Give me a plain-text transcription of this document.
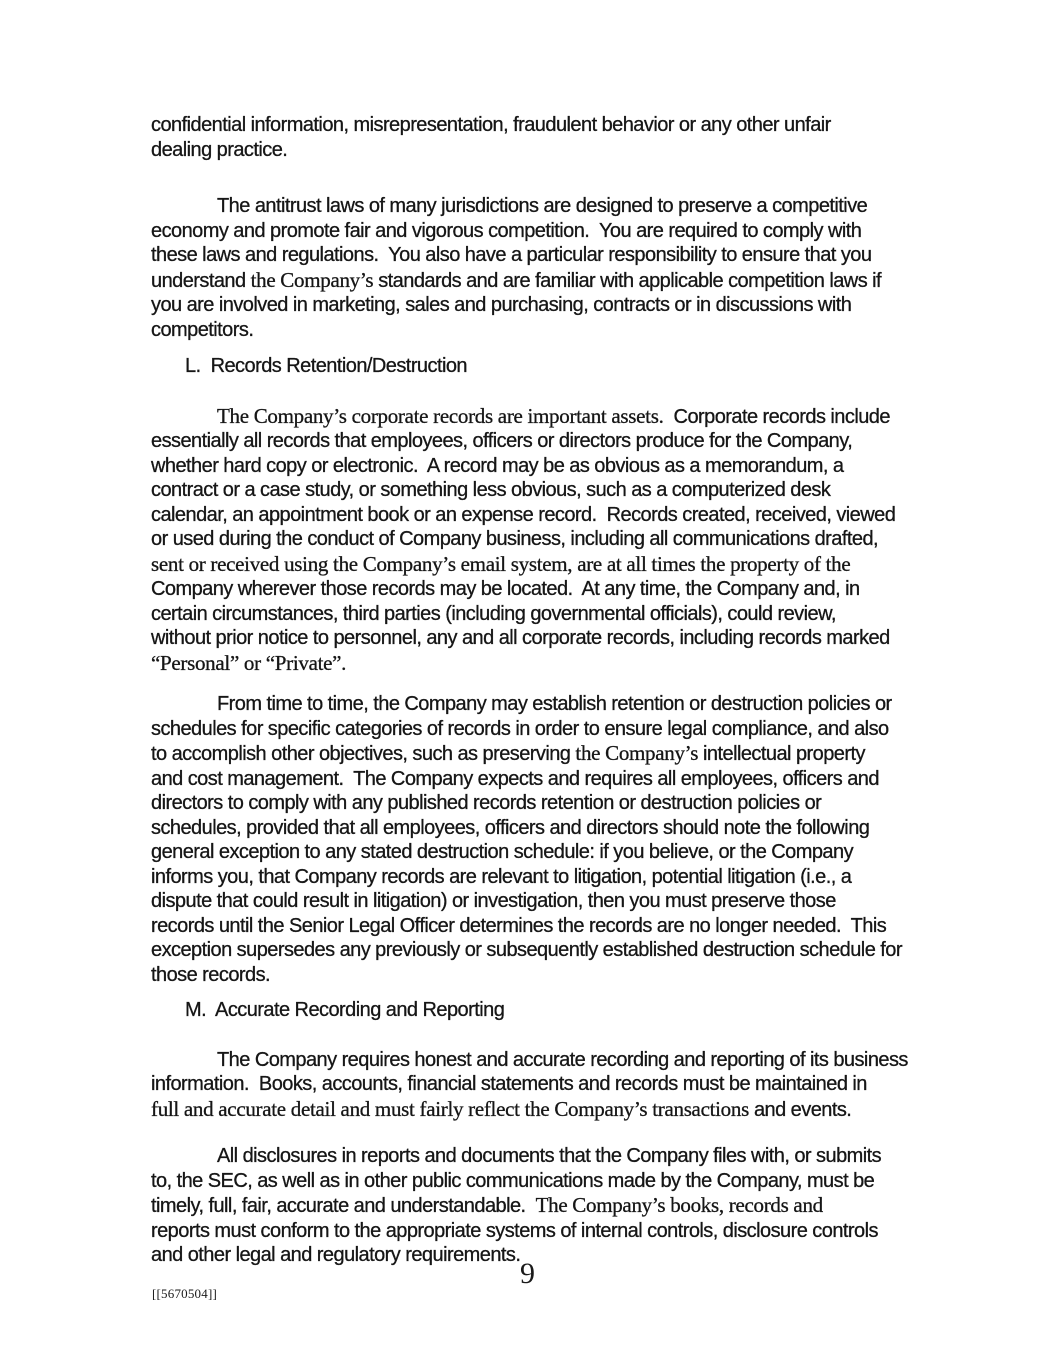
confidential information, misrepresentation, fraudulent behavior or any other unfair
dealing practice.
The antitrust laws of many jurisdictions are designed to preserve a competitive
economy and promote fair and vigorous competition.  You are required to comply with
these laws and regulations.  You also have a particular responsibility to ensure that you
understand the Company’s standards and are familiar with applicable competition laws if
you are involved in marketing, sales and purchasing, contracts or in discussions with
competitors.
L.  Records Retention/Destruction
The Company’s corporate records are important assets.  Corporate records include
essentially all records that employees, officers or directors produce for the Company,
whether hard copy or electronic.  A record may be as obvious as a memorandum, a
contract or a case study, or something less obvious, such as a computerized desk
calendar, an appointment book or an expense record.  Records created, received, viewed
or used during the conduct of Company business, including all communications drafted,
sent or received using the Company’s email system, are at all times the property of the
Company wherever those records may be located.  At any time, the Company and, in
certain circumstances, third parties (including governmental officials), could review,
without prior notice to personnel, any and all corporate records, including records marked
“Personal” or “Private”.
From time to time, the Company may establish retention or destruction policies or
schedules for specific categories of records in order to ensure legal compliance, and also
to accomplish other objectives, such as preserving the Company’s intellectual property
and cost management.  The Company expects and requires all employees, officers and
directors to comply with any published records retention or destruction policies or
schedules, provided that all employees, officers and directors should note the following
general exception to any stated destruction schedule: if you believe, or the Company
informs you, that Company records are relevant to litigation, potential litigation (i.e., a
dispute that could result in litigation) or investigation, then you must preserve those
records until the Senior Legal Officer determines the records are no longer needed.  This
exception supersedes any previously or subsequently established destruction schedule for
those records.
M.  Accurate Recording and Reporting
The Company requires honest and accurate recording and reporting of its business
information.  Books, accounts, financial statements and records must be maintained in
full and accurate detail and must fairly reflect the Company’s transactions and events.
All disclosures in reports and documents that the Company files with, or submits
to, the SEC, as well as in other public communications made by the Company, must be
timely, full, fair, accurate and understandable.  The Company’s books, records and
reports must conform to the appropriate systems of internal controls, disclosure controls
and other legal and regulatory requirements.
9
[[5670504]]
